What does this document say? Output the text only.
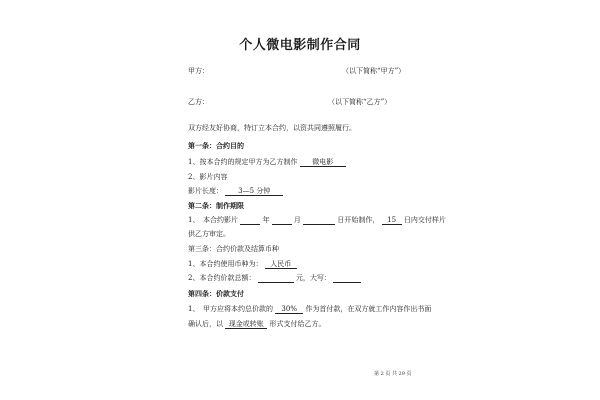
个人微电影制作合同
甲方：	（以下简称“甲方”）
乙方：	（以下简称“乙方”）
双方经友好协商，特订立本合约，以资共同遵照履行。
第一条：合约目的
1、按本合约的规定甲方为乙方制作 微电影
2、影片内容
影片长度： 3—5 分钟
第二条：制作期限
1、　本合约影片	年	月	日开始制作， 15 日内交付样片
供乙方审定。
第三条：合约价款及结算币种
1、本合约使用币种为： 人民币
2、本合约价款总额：	元，大写：
第四条：价款支付
1、　甲方应将本约总价款的 30% 作为首付款，在双方就工作内容作出书面
确认后，以 现金或转账 形式支付给乙方。
第 2 页 共 29 页
